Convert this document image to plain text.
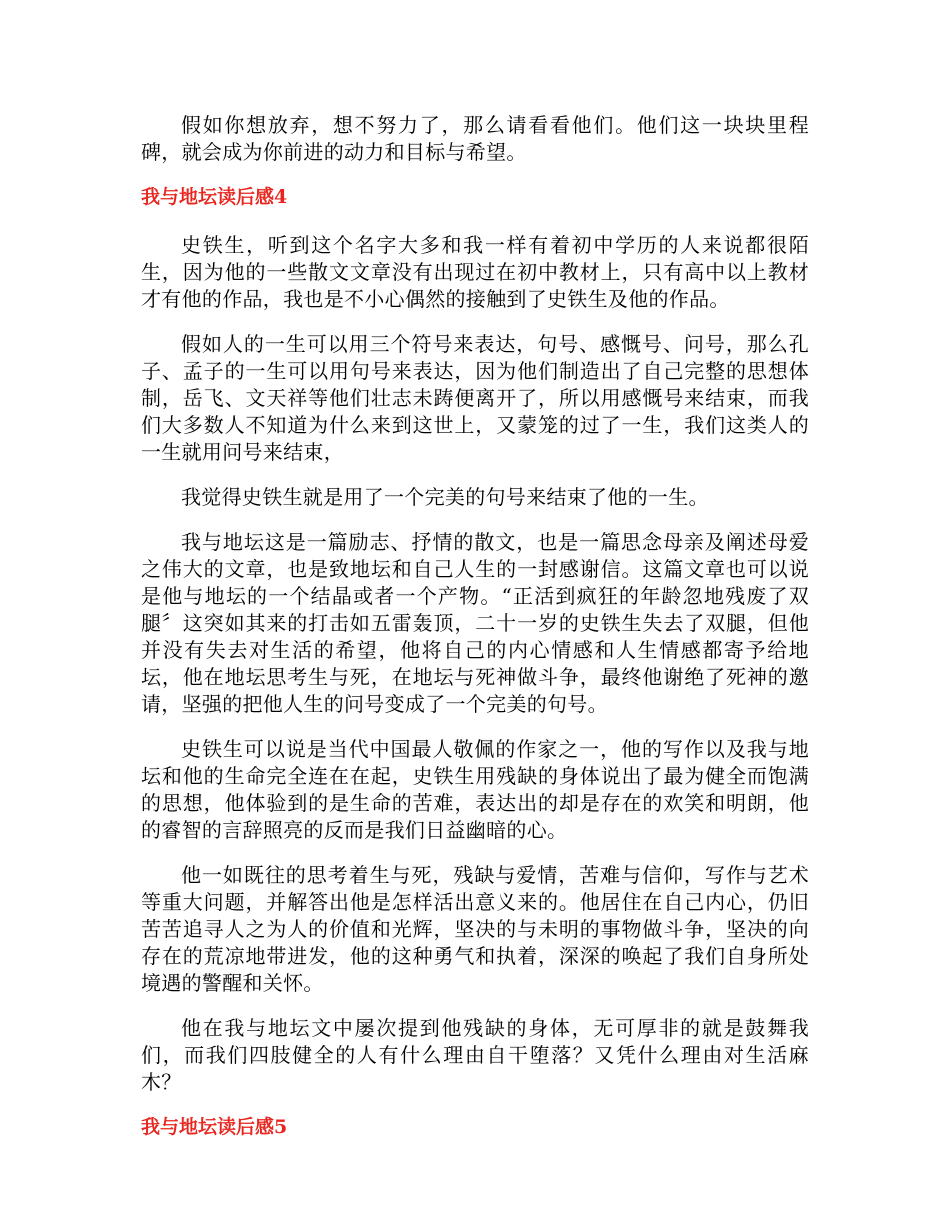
假如你想放弃，想不努力了，那么请看看他们。他们这一块块里程碑，就会成为你前进的动力和目标与希望。

我与地坛读后感4

史铁生，听到这个名字大多和我一样有着初中学历的人来说都很陌生，因为他的一些散文文章没有出现过在初中教材上，只有高中以上教材才有他的作品，我也是不小心偶然的接触到了史铁生及他的作品。

假如人的一生可以用三个符号来表达，句号、感慨号、问号，那么孔子、孟子的一生可以用句号来表达，因为他们制造出了自己完整的思想体制，岳飞、文天祥等他们壮志未踌便离开了，所以用感慨号来结束，而我们大多数人不知道为什么来到这世上，又蒙笼的过了一生，我们这类人的一生就用问号来结束，

我觉得史铁生就是用了一个完美的句号来结束了他的一生。

我与地坛这是一篇励志、抒情的散文，也是一篇思念母亲及阐述母爱之伟大的文章，也是致地坛和自己人生的一封感谢信。这篇文章也可以说是他与地坛的一个结晶或者一个产物。“正活到疯狂的年龄忽地残废了双腿〞这突如其来的打击如五雷轰顶，二十一岁的史铁生失去了双腿，但他并没有失去对生活的希望，他将自己的内心情感和人生情感都寄予给地坛，他在地坛思考生与死，在地坛与死神做斗争，最终他谢绝了死神的邀请，坚强的把他人生的问号变成了一个完美的句号。

史铁生可以说是当代中国最人敬佩的作家之一，他的写作以及我与地坛和他的生命完全连在在起，史铁生用残缺的身体说出了最为健全而饱满的思想，他体验到的是生命的苦难，表达出的却是存在的欢笑和明朗，他的睿智的言辞照亮的反而是我们日益幽暗的心。

他一如既往的思考着生与死，残缺与爱情，苦难与信仰，写作与艺术等重大问题，并解答出他是怎样活出意义来的。他居住在自己内心，仍旧苦苦追寻人之为人的价值和光辉，坚决的与未明的事物做斗争，坚决的向存在的荒凉地带进发，他的这种勇气和执着，深深的唤起了我们自身所处境遇的警醒和关怀。

他在我与地坛文中屡次提到他残缺的身体，无可厚非的就是鼓舞我们，而我们四肢健全的人有什么理由自干堕落？又凭什么理由对生活麻木？

我与地坛读后感5
